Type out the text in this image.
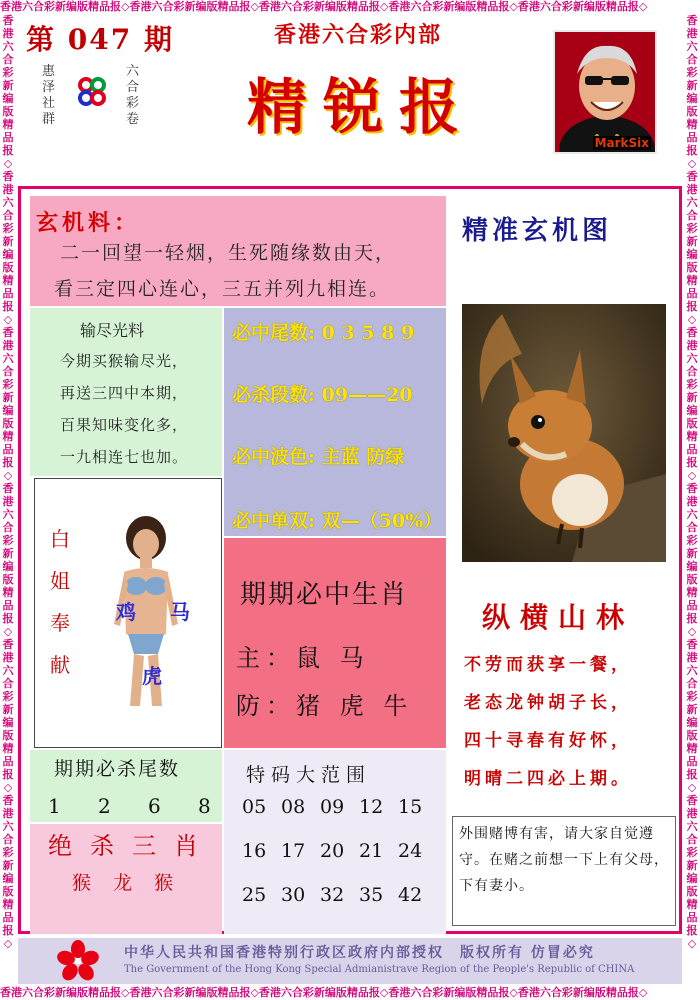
香港六合彩新编版精品报◇香港六合彩新编版精品报◇香港六合彩新编版精品报◇香港六合彩新编版精品报◇香港六合彩新编版精品报◇
香港六合彩新编版精品报◇香港六合彩新编版精品报◇香港六合彩新编版精品报◇香港六合彩新编版精品报◇香港六合彩新编版精品报◇
香港六合彩新编版精品报◇香港六合彩新编版精品报◇香港六合彩新编版精品报◇香港六合彩新编版精品报◇香港六合彩新编版精品报◇香港六合彩新编版精品报◇
香港六合彩新编版精品报◇香港六合彩新编版精品报◇香港六合彩新编版精品报◇香港六合彩新编版精品报◇香港六合彩新编版精品报◇香港六合彩新编版精品报◇
第 047 期
惠
泽
社
群
六
合
彩
卷
香港六合彩内部
精锐报	MarkSix
玄机料：
二一回望一轻烟，生死随缘数由天，
看三定四心连心，三五并列九相连。
输尽光料
今期买猴输尽光，
再送三四中本期，
百果知味变化多，
一九相连七也加。
必中尾数: 0 3 5 8 9
必杀段数: 09——20
必中波色: 主蓝 防绿
必中单双: 双—（50%）
白
姐
奉
献
鸡 马
虎
期期必中生肖
主：鼠 马
防：猪 虎 牛
期期必杀尾数
1 2 6 8
绝杀三肖
猴 龙 猴
特码大范围
05 08 09 12 15
16 17 20 21 24
25 30 32 35 42
精准玄机图
纵横山林
不劳而获享一餐，
老态龙钟胡子长，
四十寻春有好怀，
明晴二四必上期。
外围赌博有害，请大家自觉遵守。在赌之前想一下上有父母，下有妻小。
中华人民共和国香港特别行政区政府内部授权　版权所有 仿冒必究
The Government of the Hong Kong Special Admianistrave Region of the People's Republic of CHINA
